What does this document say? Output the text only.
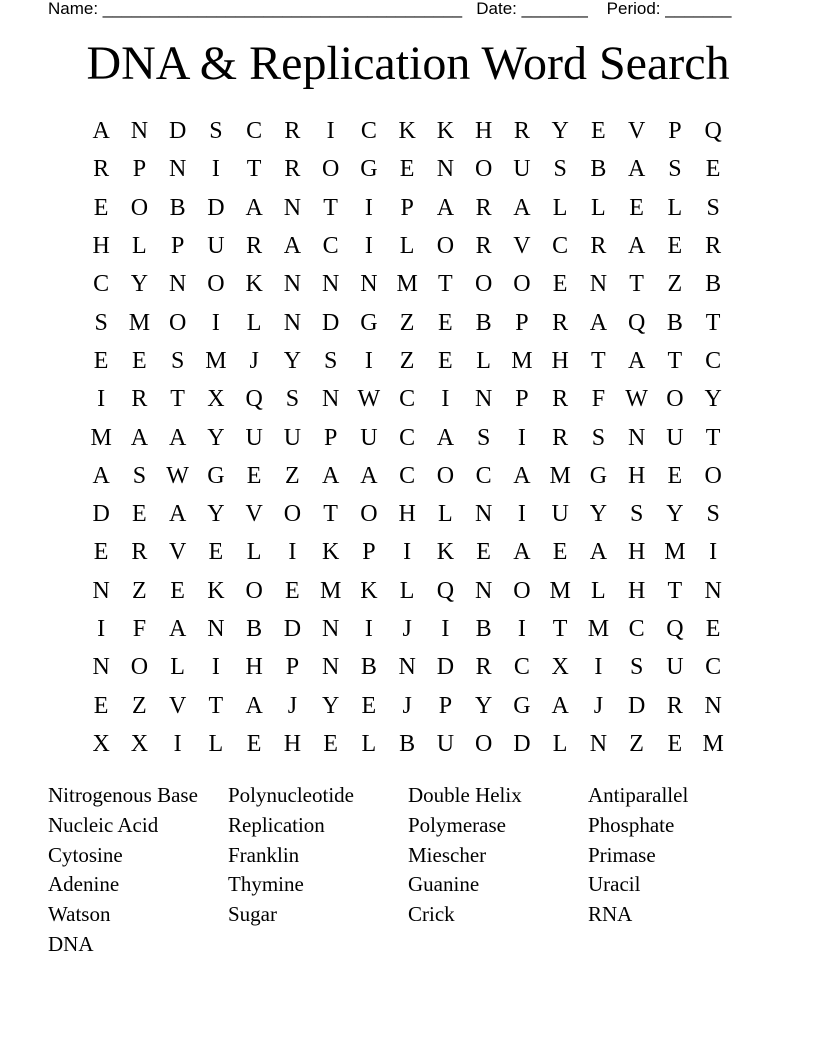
Name: ______________________________________   Date: _______    Period: _______
DNA & Replication Word Search
A N D S C R	I	C K K H R Y E V P Q
R P N	I	T R O G E N O U S B A S	E
E O B D A N T	I	P A R A L L E L	S
H L	P U R A C	I	L O R V C R A E R
C Y N O K N N N M T O O E N T Z B
S M O	I	L N D G Z E B P R A Q B T
E E	S M J	Y S	I	Z E L M H T A T C
I	R T X Q S N W C	I	N P R F W O Y
M A A Y U U P U C A S	I	R S N U T
A S W G E Z A A C O C A M G H E O
D E A Y V O T O H L N	I	U Y S Y S
E R V E L	I	K P	I	K E A E A H M I
N Z E K O E M K L Q N O M L H T N
I	F A N B D N	I	J	I	B	I	T M C Q E
N O L	I	H P N B N D R C X	I	S U C
E Z V T A	J	Y E	J	P Y G A	J	D R N
X X	I	L E H E L B U O D L N Z E M
Nitrogenous Base	Polynucleotide	Double Helix	Antiparallel
Nucleic Acid	Replication	Polymerase	Phosphate
Cytosine	Franklin	Miescher	Primase
Adenine	Thymine	Guanine	Uracil
Watson	Sugar	Crick	RNA
DNA
